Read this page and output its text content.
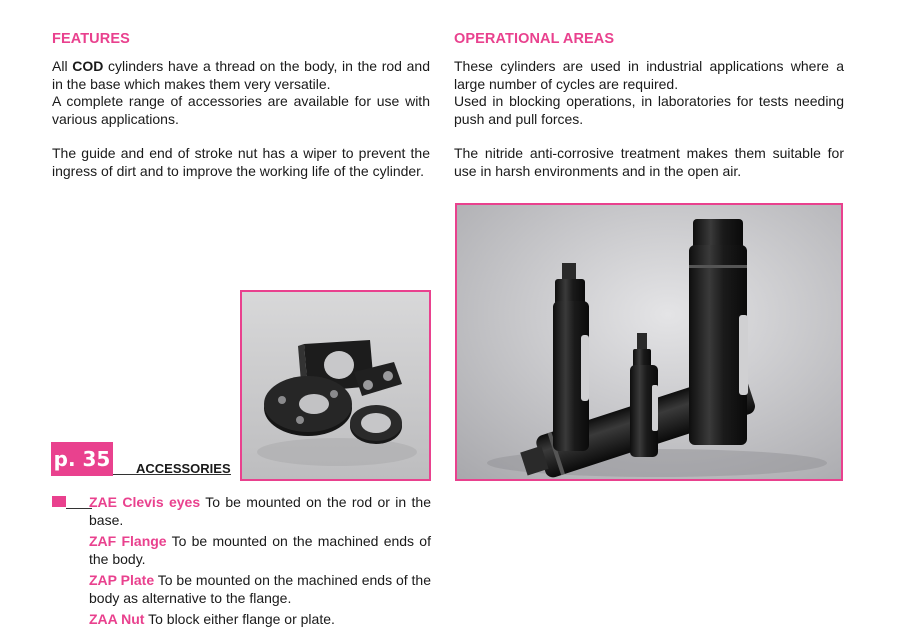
FEATURES

All COD cylinders have a thread on the body, in the rod and in the base which makes them very versatile.

A complete range of accessories are available for use with various applications.

The guide and end of stroke nut has a wiper to prevent the ingress of dirt and to improve the working life of the cylinder.

OPERATIONAL AREAS

These cylinders are used in industrial applications where a large number of cycles are required.

Used in blocking operations, in laboratories for tests needing push and pull forces.

The nitride anti-corrosive treatment makes them suitable for use in harsh environments and in the open air.

p. 35 ACCESSORIES
ZAE Clevis eyes To be mounted on the rod or in the base.
ZAF Flange To be mounted on the machined ends of the body.
ZAP Plate To be mounted on the machined ends of the body as alternative to the flange.
ZAA Nut To block either flange or plate.
